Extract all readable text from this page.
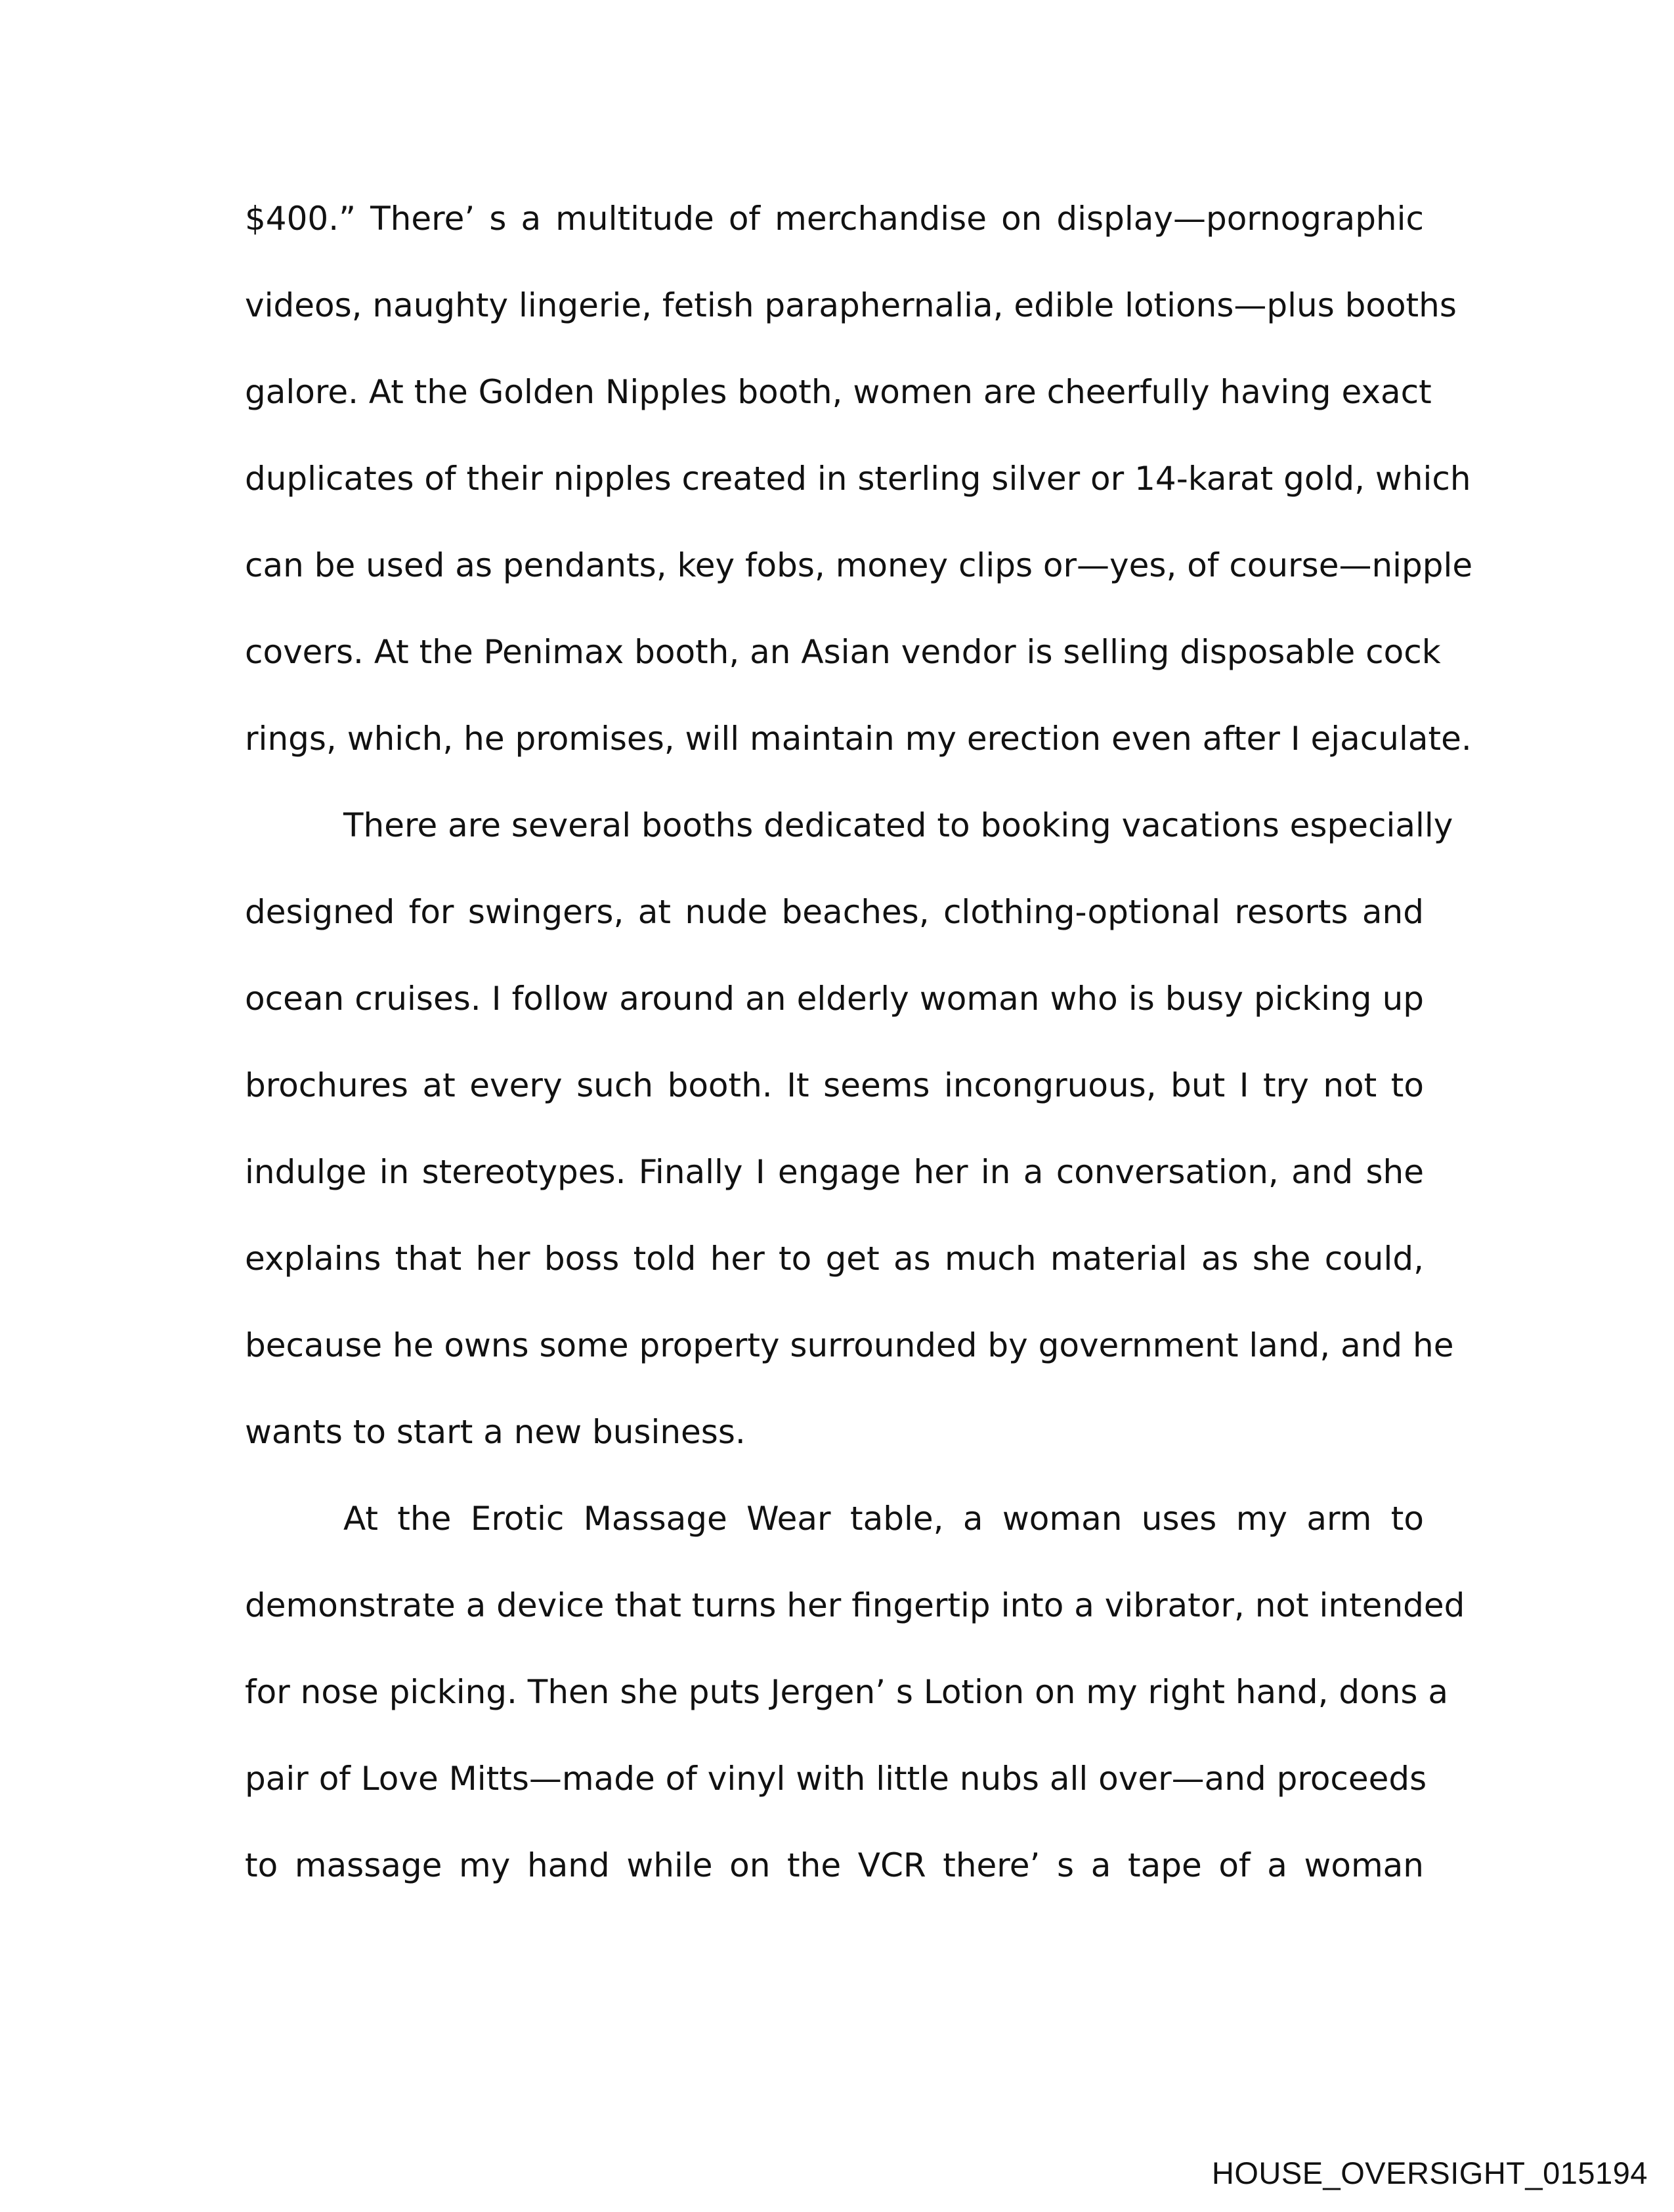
$400.” There’ s a multitude of merchandise on display—pornographic
videos, naughty lingerie, fetish paraphernalia, edible lotions—plus booths
galore. At the Golden Nipples booth, women are cheerfully having exact
duplicates of their nipples created in sterling silver or 14-karat gold, which
can be used as pendants, key fobs, money clips or—yes, of course—nipple
covers. At the Penimax booth, an Asian vendor is selling disposable cock
rings, which, he promises, will maintain my erection even after I ejaculate.
There are several booths dedicated to booking vacations especially
designed for swingers, at nude beaches, clothing-optional resorts and
ocean cruises. I follow around an elderly woman who is busy picking up
brochures at every such booth. It seems incongruous, but I try not to
indulge in stereotypes. Finally I engage her in a conversation, and she
explains that her boss told her to get as much material as she could,
because he owns some property surrounded by government land, and he
wants to start a new business.
At the Erotic Massage Wear table, a woman uses my arm to
demonstrate a device that turns her fingertip into a vibrator, not intended
for nose picking. Then she puts Jergen’ s Lotion on my right hand, dons a
pair of Love Mitts—made of vinyl with little nubs all over—and proceeds
to massage my hand while on the VCR there’ s a tape of a woman
HOUSE_OVERSIGHT_015194
